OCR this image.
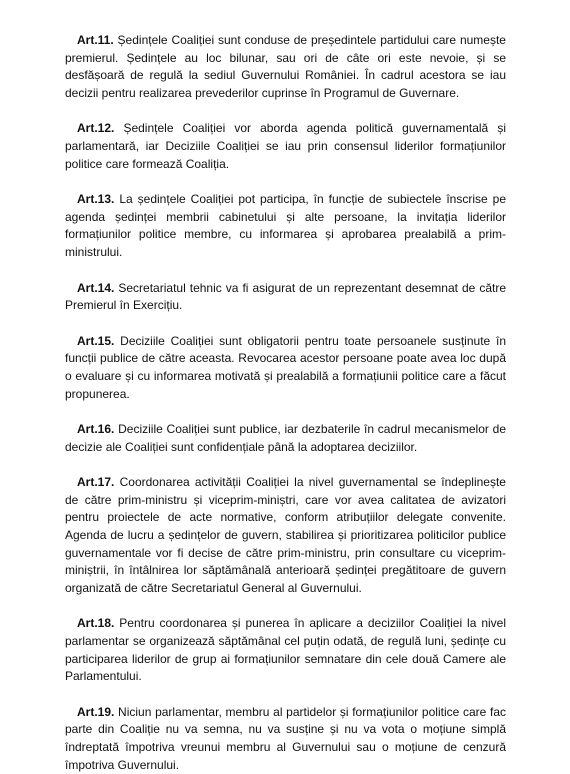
Art.11. Ședințele Coaliției sunt conduse de președintele partidului care numește premierul. Ședințele au loc bilunar, sau ori de câte ori este nevoie, și se desfășoară de regulă la sediul Guvernului României. În cadrul acestora se iau decizii pentru realizarea prevederilor cuprinse în Programul de Guvernare.

Art.12. Ședințele Coaliției vor aborda agenda politică guvernamentală și parlamentară, iar Deciziile Coaliției se iau prin consensul liderilor formațiunilor politice care formează Coaliția.

Art.13. La ședințele Coaliției pot participa, în funcție de subiectele înscrise pe agenda ședinței membrii cabinetului și alte persoane, la invitația liderilor formațiunilor politice membre, cu informarea și aprobarea prealabilă a prim-ministrului.

Art.14. Secretariatul tehnic va fi asigurat de un reprezentant desemnat de către Premierul în Exercițiu.

Art.15. Deciziile Coaliției sunt obligatorii pentru toate persoanele susținute în funcții publice de către aceasta. Revocarea acestor persoane poate avea loc după o evaluare și cu informarea motivată și prealabilă a formațiunii politice care a făcut propunerea.

Art.16. Deciziile Coaliției sunt publice, iar dezbaterile în cadrul mecanismelor de decizie ale Coaliției sunt confidențiale până la adoptarea deciziilor.

Art.17. Coordonarea activității Coaliției la nivel guvernamental se îndeplinește de către prim-ministru și viceprim-miniștri, care vor avea calitatea de avizatori pentru proiectele de acte normative, conform atribuțiilor delegate convenite. Agenda de lucru a ședințelor de guvern, stabilirea și prioritizarea politicilor publice guvernamentale vor fi decise de către prim-ministru, prin consultare cu viceprim-miniștrii, în întâlnirea lor săptămânală anterioară ședinței pregătitoare de guvern organizată de către Secretariatul General al Guvernului.

Art.18. Pentru coordonarea și punerea în aplicare a deciziilor Coaliției la nivel parlamentar se organizează săptămânal cel puțin odată, de regulă luni, ședințe cu participarea liderilor de grup ai formațiunilor semnatare din cele două Camere ale Parlamentului.

Art.19. Niciun parlamentar, membru al partidelor și formațiunilor politice care fac parte din Coaliție nu va semna, nu va susține și nu va vota o moțiune simplă îndreptată împotriva vreunui membru al Guvernului sau o moțiune de cenzură împotriva Guvernului.
